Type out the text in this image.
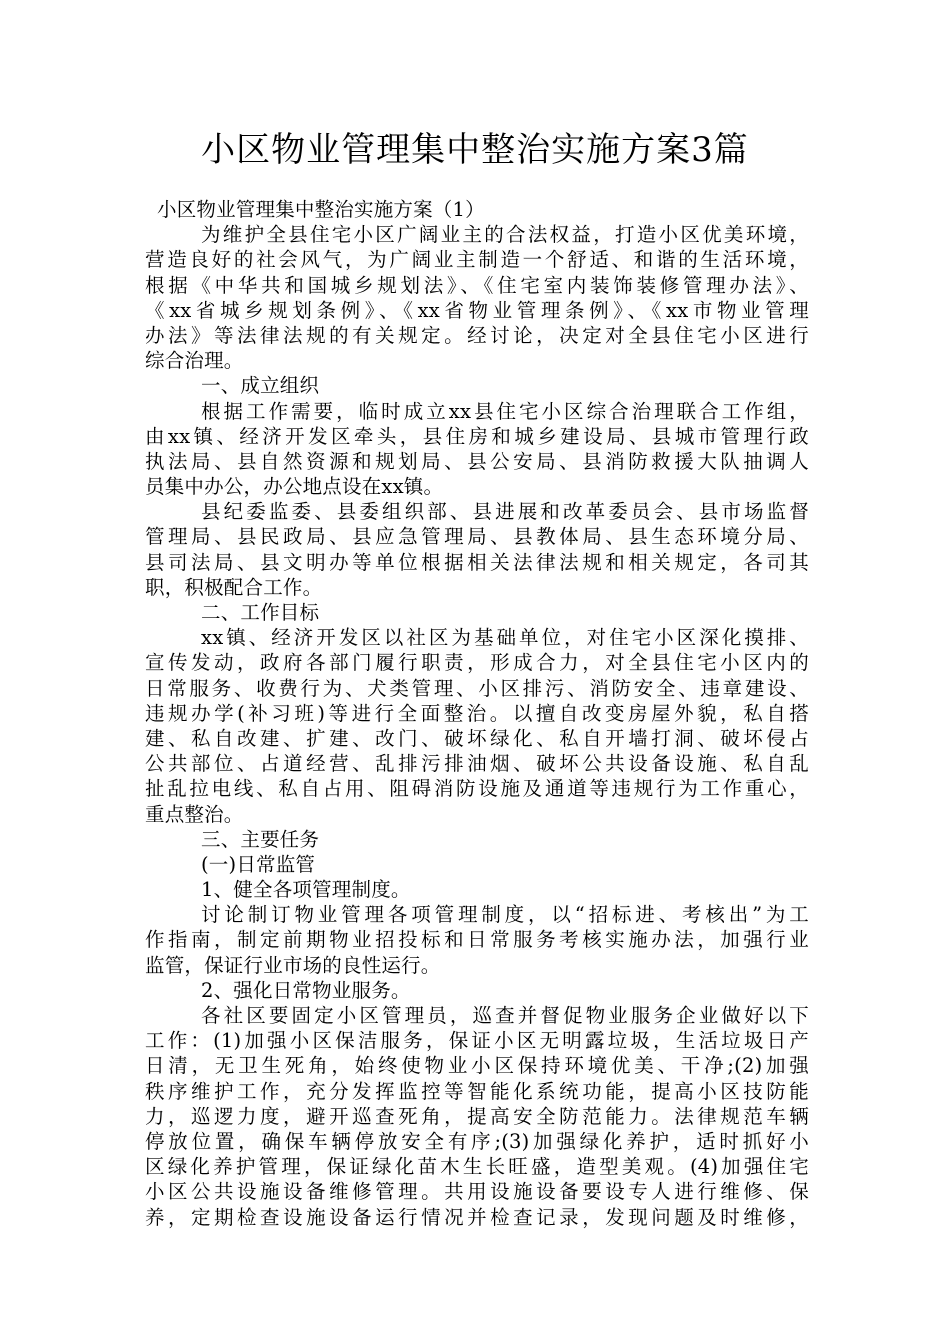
小区物业管理集中整治实施方案3篇
小区物业管理集中整治实施方案（1）
为维护全县住宅小区广阔业主的合法权益，打造小区优美环境，
营造良好的社会风气，为广阔业主制造一个舒适、和谐的生活环境，
根据《中华共和国城乡规划法》、《住宅室内装饰装修管理办法》、
《xx省城乡规划条例》、《xx省物业管理条例》、《xx市物业管理
办法》等法律法规的有关规定。经讨论，决定对全县住宅小区进行
综合治理。
一、成立组织
根据工作需要，临时成立xx县住宅小区综合治理联合工作组，
由xx镇、经济开发区牵头，县住房和城乡建设局、县城市管理行政
执法局、县自然资源和规划局、县公安局、县消防救援大队抽调人
员集中办公，办公地点设在xx镇。
县纪委监委、县委组织部、县进展和改革委员会、县市场监督
管理局、县民政局、县应急管理局、县教体局、县生态环境分局、
县司法局、县文明办等单位根据相关法律法规和相关规定，各司其
职，积极配合工作。
二、工作目标
xx镇、经济开发区以社区为基础单位，对住宅小区深化摸排、
宣传发动，政府各部门履行职责，形成合力，对全县住宅小区内的
日常服务、收费行为、犬类管理、小区排污、消防安全、违章建设、
违规办学(补习班)等进行全面整治。以擅自改变房屋外貌，私自搭
建、私自改建、扩建、改门、破坏绿化、私自开墙打洞、破坏侵占
公共部位、占道经营、乱排污排油烟、破坏公共设备设施、私自乱
扯乱拉电线、私自占用、阻碍消防设施及通道等违规行为工作重心，
重点整治。
三、主要任务
(一)日常监管
1、健全各项管理制度。
讨论制订物业管理各项管理制度，以“招标进、考核出”为工
作指南，制定前期物业招投标和日常服务考核实施办法，加强行业
监管，保证行业市场的良性运行。
2、强化日常物业服务。
各社区要固定小区管理员，巡查并督促物业服务企业做好以下
工作：(1)加强小区保洁服务，保证小区无明露垃圾，生活垃圾日产
日清，无卫生死角，始终使物业小区保持环境优美、干净;(2)加强
秩序维护工作，充分发挥监控等智能化系统功能，提高小区技防能
力，巡逻力度，避开巡查死角，提高安全防范能力。法律规范车辆
停放位置，确保车辆停放安全有序;(3)加强绿化养护，适时抓好小
区绿化养护管理，保证绿化苗木生长旺盛，造型美观。(4)加强住宅
小区公共设施设备维修管理。共用设施设备要设专人进行维修、保
养，定期检查设施设备运行情况并检查记录，发现问题及时维修，
